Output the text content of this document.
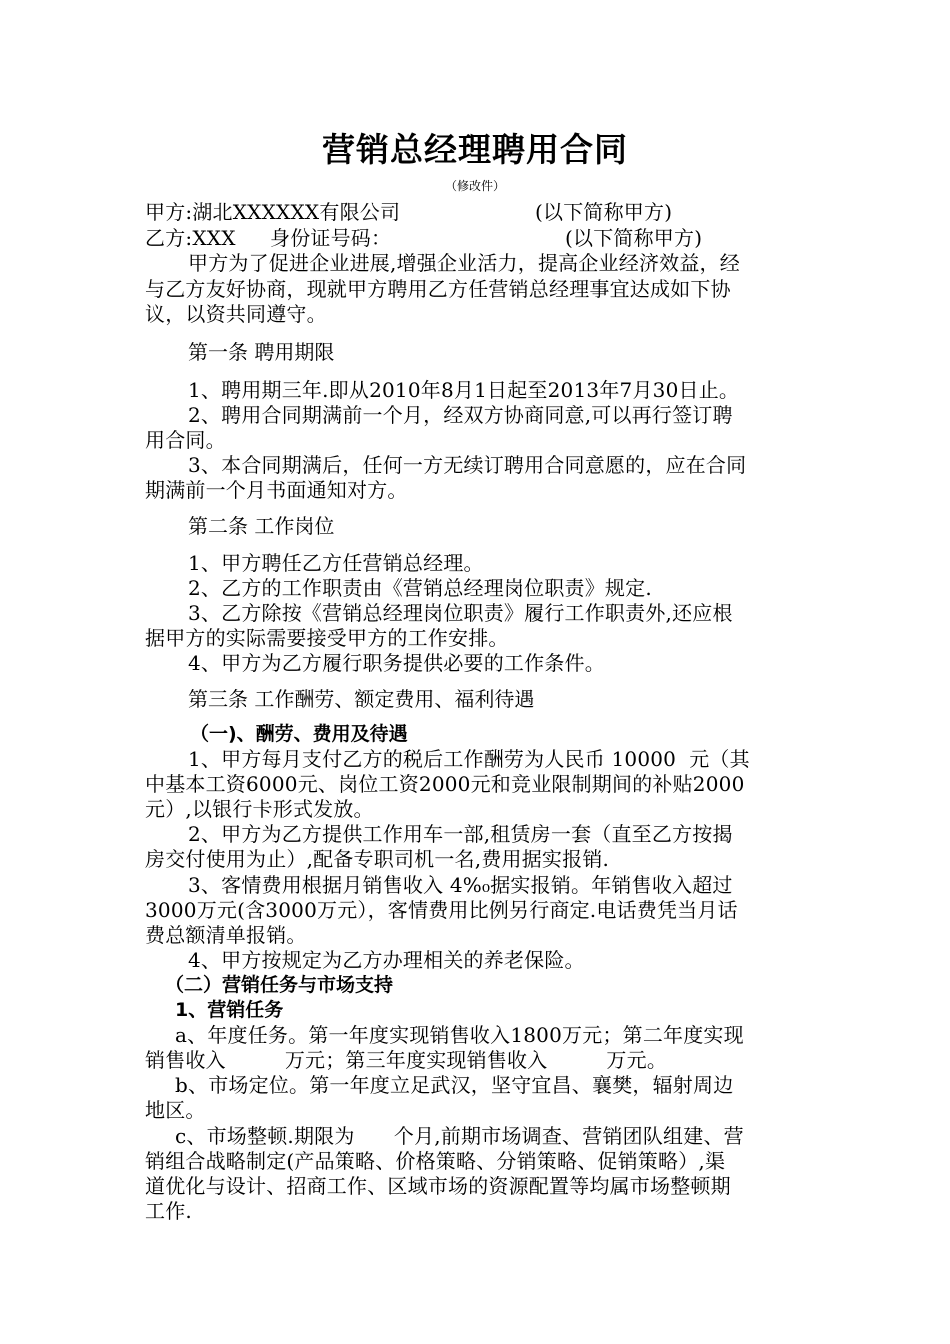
营销总经理聘用合同
（修改件）
甲方:湖北XXXXXX有限公司	(以下简称甲方)
乙方:XXX 身份证号码：	(以下简称甲方)
甲方为了促进企业进展,增强企业活力，提高企业经济效益，经
与乙方友好协商，现就甲方聘用乙方任营销总经理事宜达成如下协
议，以资共同遵守。
第一条 聘用期限
1、聘用期三年.即从2010年8月1日起至2013年7月30日止。
2、聘用合同期满前一个月，经双方协商同意,可以再行签订聘
用合同。
3、本合同期满后，任何一方无续订聘用合同意愿的，应在合同
期满前一个月书面通知对方。
第二条 工作岗位
1、甲方聘任乙方任营销总经理。
2、乙方的工作职责由《营销总经理岗位职责》规定.
3、乙方除按《营销总经理岗位职责》履行工作职责外,还应根
据甲方的实际需要接受甲方的工作安排。
4、甲方为乙方履行职务提供必要的工作条件。
第三条 工作酬劳、额定费用、福利待遇
（一)、酬劳、费用及待遇
1、甲方每月支付乙方的税后工作酬劳为人民币 10000  元（其
中基本工资6000元、岗位工资2000元和竞业限制期间的补贴2000
元）,以银行卡形式发放。
2、甲方为乙方提供工作用车一部,租赁房一套（直至乙方按揭
房交付使用为止）,配备专职司机一名,费用据实报销.
3、客情费用根据月销售收入 4%₀据实报销。年销售收入超过
3000万元(含3000万元），客情费用比例另行商定.电话费凭当月话
费总额清单报销。
4、甲方按规定为乙方办理相关的养老保险。
（二）营销任务与市场支持
1、营销任务
a、年度任务。第一年度实现销售收入1800万元；第二年度实现
销售收入         万元；第三年度实现销售收入         万元。
b、市场定位。第一年度立足武汉，坚守宜昌、襄樊，辐射周边
地区。
c、市场整顿.期限为      个月,前期市场调查、营销团队组建、营
销组合战略制定(产品策略、价格策略、分销策略、促销策略）,渠
道优化与设计、招商工作、区域市场的资源配置等均属市场整顿期
工作.
